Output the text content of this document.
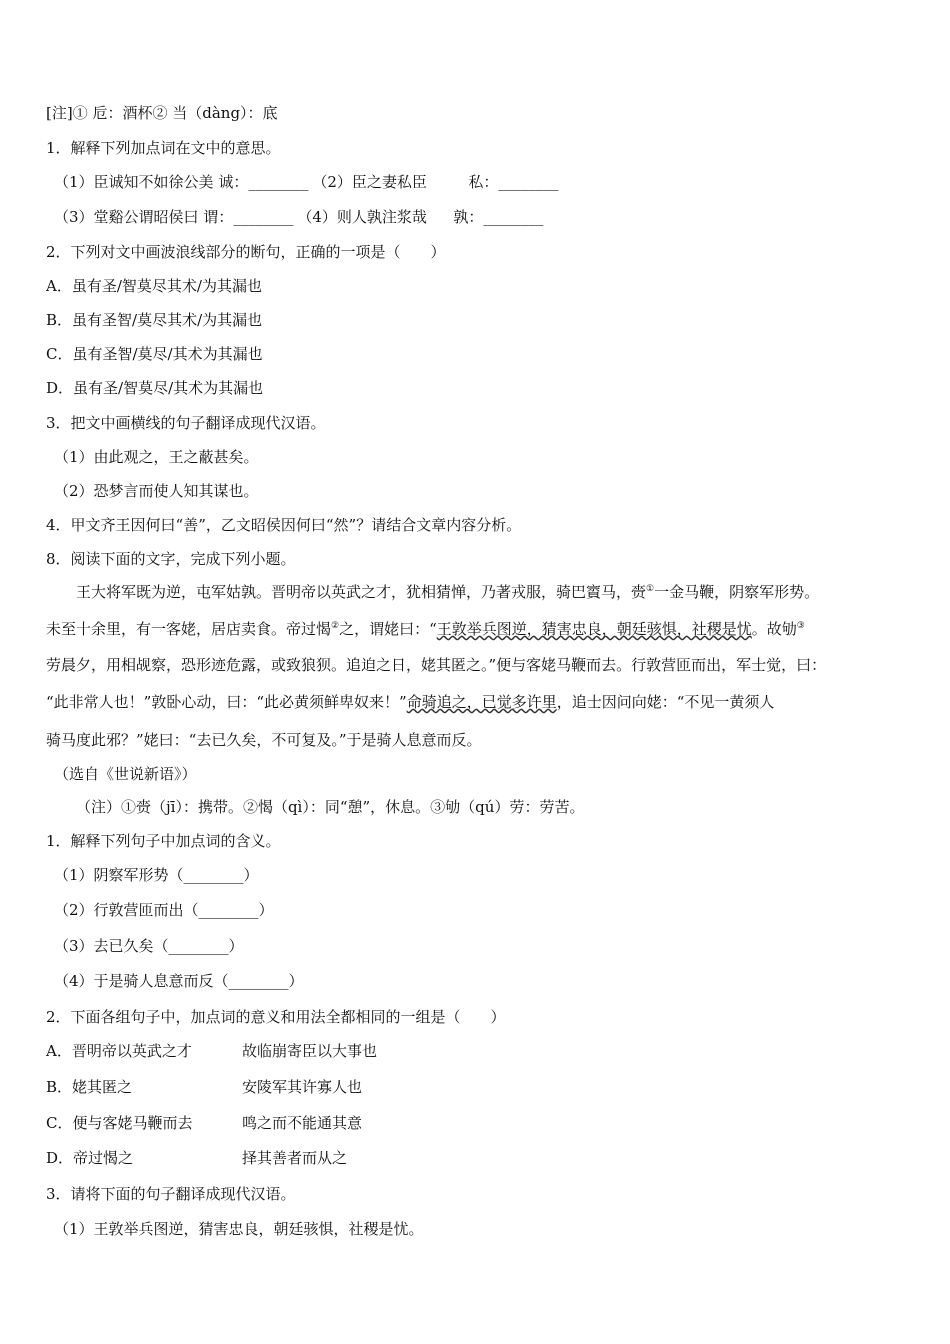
[注]① 卮：酒杯② 当（dàng）：底
1．解释下列加点词在文中的意思。
（1）臣诚知不如徐公美 诚：________ （2）臣之妻私臣	私：________
（3）堂谿公谓昭侯曰 谓：________ （4）则人孰注浆哉 孰：________
2．下列对文中画波浪线部分的断句，正确的一项是（　　）
A．虽有圣/智莫尽其术/为其漏也
B．虽有圣智/莫尽其术/为其漏也
C．虽有圣智/莫尽/其术为其漏也
D．虽有圣/智莫尽/其术为其漏也
3．把文中画横线的句子翻译成现代汉语。
（1）由此观之，王之蔽甚矣。
（2）恐梦言而使人知其谋也。
4．甲文齐王因何曰“善”，乙文昭侯因何曰“然”？请结合文章内容分析。
8．阅读下面的文字，完成下列小题。
　　王大将军既为逆，屯军姑孰。晋明帝以英武之才，犹相猜惮，乃著戎服，骑巴賨马，赍①一金马鞭，阴察军形势。
未至十余里，有一客姥，居店卖食。帝过愒②之，谓姥曰：“王敦举兵图逆，猜害忠良，朝廷骇惧，社稷是忧。故劬③
劳晨夕，用相觇察，恐形迹危露，或致狼狈。追迫之日，姥其匿之。”便与客姥马鞭而去。行敦营匝而出，军士觉，曰：
“此非常人也！”敦卧心动，曰：“此必黄须鲜卑奴来！”命骑追之，已觉多许里，追士因问向姥：“不见一黄须人
骑马度此邪？”姥曰：“去已久矣，不可复及。”于是骑人息意而反。
（选自《世说新语》）
（注）①赍（jī）：携带。②愒（qì）：同“憩”，休息。③劬（qú）劳：劳苦。
1．解释下列句子中加点词的含义。
（1）阴察军形势（________）
（2）行敦营匝而出（________）
（3）去已久矣（________）
（4）于是骑人息意而反（________）
2．下面各组句子中，加点词的意义和用法全都相同的一组是（　　）
A．晋明帝以英武之才	故临崩寄臣以大事也
B．姥其匿之	安陵军其许寡人也
C．便与客姥马鞭而去	鸣之而不能通其意
D．帝过愒之	择其善者而从之
3．请将下面的句子翻译成现代汉语。
（1）王敦举兵图逆，猜害忠良，朝廷骇惧，社稷是忧。
